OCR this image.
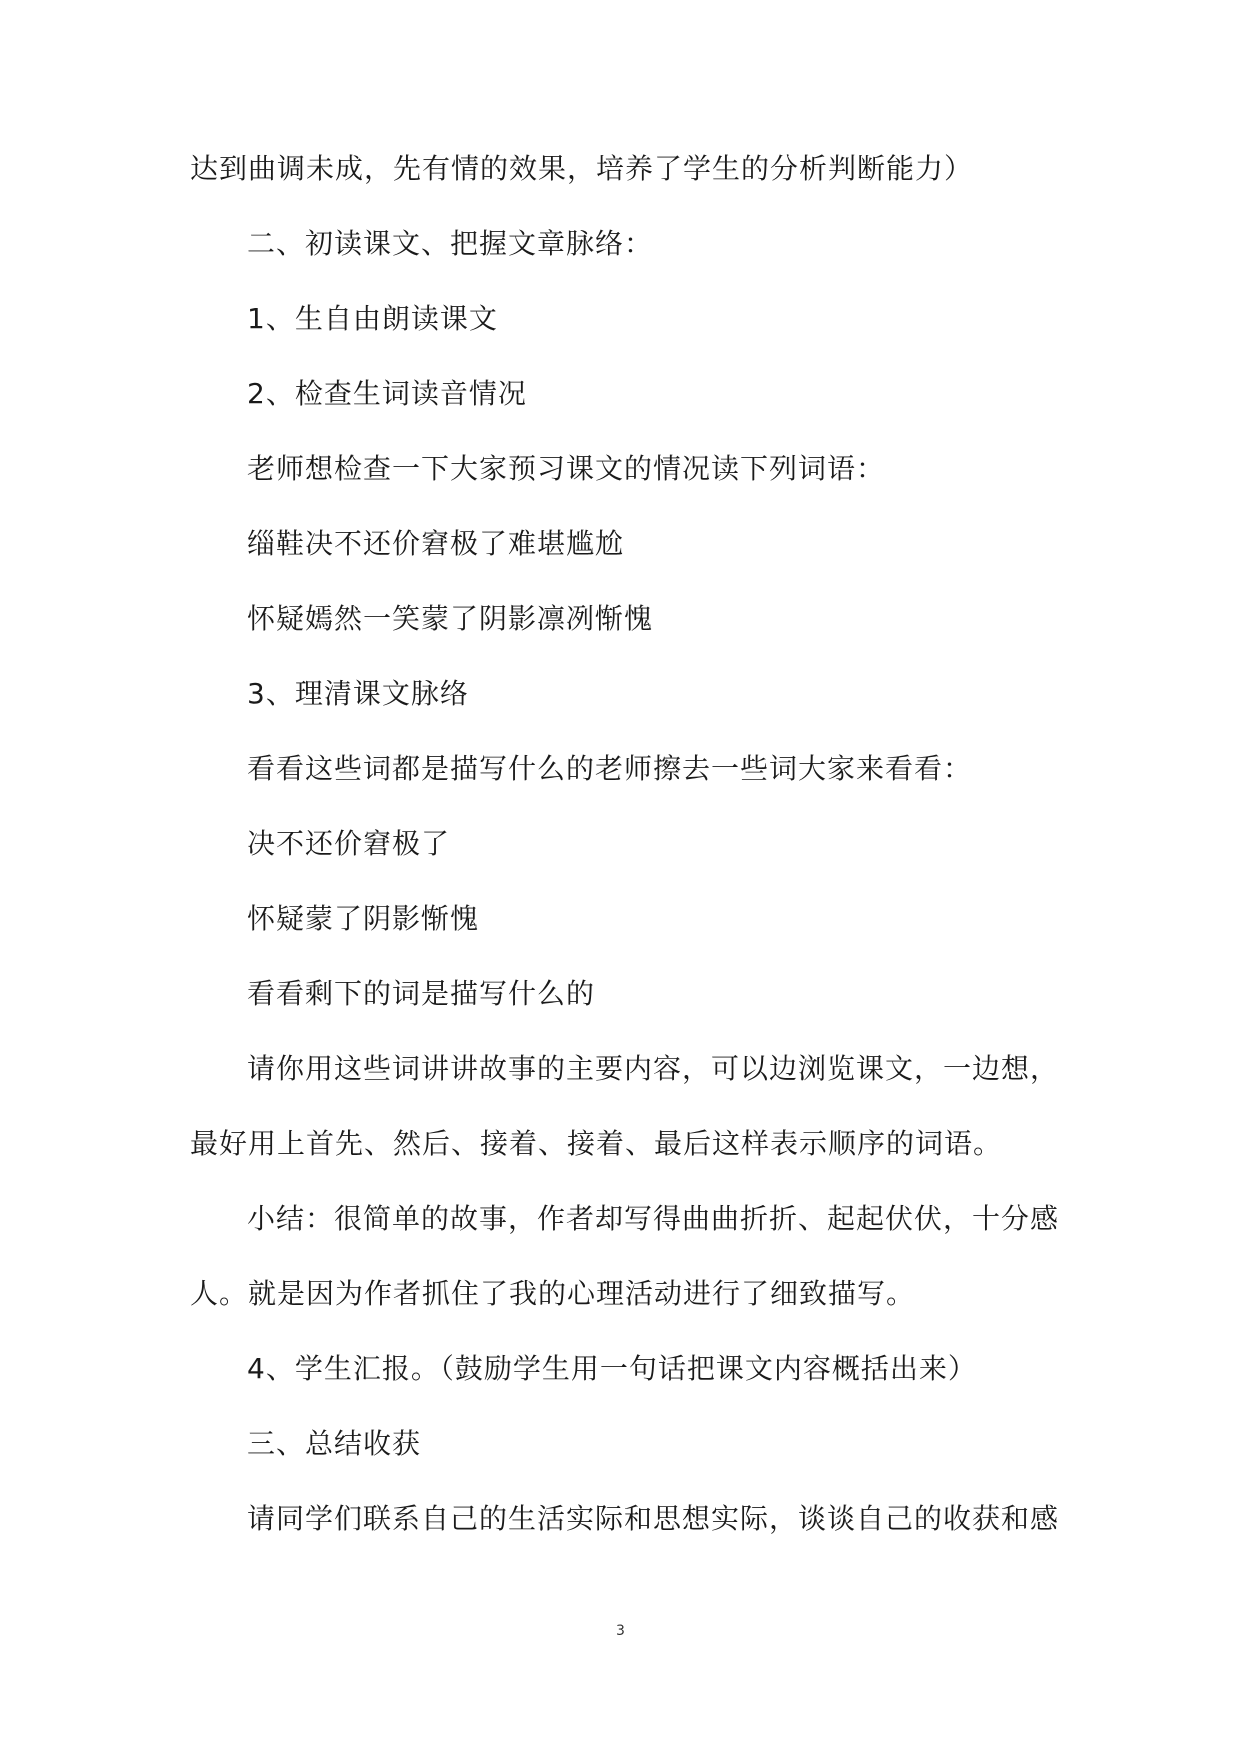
达到曲调未成，先有情的效果，培养了学生的分析判断能力）
二、初读课文、把握文章脉络：
1、生自由朗读课文
2、检查生词读音情况
老师想检查一下大家预习课文的情况读下列词语：
缁鞋决不还价窘极了难堪尴尬
怀疑嫣然一笑蒙了阴影凛冽惭愧
3、理清课文脉络
看看这些词都是描写什么的老师擦去一些词大家来看看：
决不还价窘极了
怀疑蒙了阴影惭愧
看看剩下的词是描写什么的
请你用这些词讲讲故事的主要内容，可以边浏览课文，一边想，
最好用上首先、然后、接着、接着、最后这样表示顺序的词语。
小结：很简单的故事，作者却写得曲曲折折、起起伏伏，十分感
人。就是因为作者抓住了我的心理活动进行了细致描写。
4、学生汇报。（鼓励学生用一句话把课文内容概括出来）
三、总结收获
请同学们联系自己的生活实际和思想实际，谈谈自己的收获和感
3
